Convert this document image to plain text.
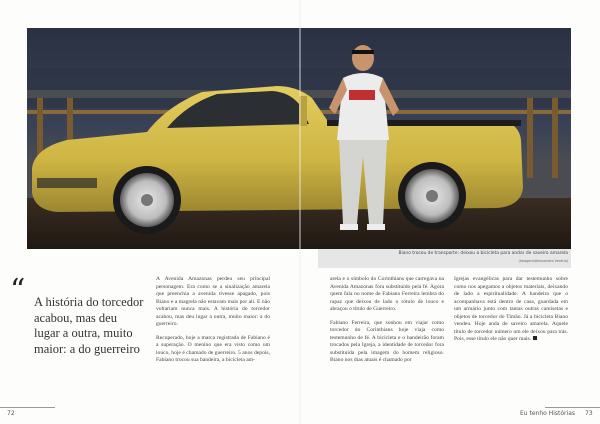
Biano trocou de transporte: deixou a bicicleta para andar de saveiro amarela
(Imagem/Alessandro Ventria)
“ A história do torcedor acabou, mas deu lugar a outra, muito maior: a do guerreiro

A Avenida Amazonas perdeu seu principal personagem. Era como se a sinalização amarela que preenchia a avenida tivesse apagado, pois Biano e a magrela não estavam mais por ali. E não voltariam nunca mais. A história do torcedor acabou, mas deu lugar a outra, muito maior: a do guerreiro.

Recuperado, hoje a marca registrada de Fabiano é a superação. O menino que era visto como um louco, hoje é chamado de guerreiro. 5 anos depois, Fabiano trocou sua bandeira, a bicicleta am-

arela e o símbolo do Corinthians que carregava na Avenida Amazonas fora substituído pela fé. Agora quem fala no nome de Fabiano Ferreira lembra do rapaz que deixou de lado o rótulo de louco e abraçou o título de Guerreiro.

Fabiano Ferreira, que sonhou em viajar como torcedor do Corinthians hoje viaja como testemunho de fé. A bicicleta e o bandeirão foram trocados pela Igreja, a identidade de torcedor fora substituída pela imagem do homem religioso. Biano nos dias atuais é chamado por

Igrejas evangélicas para dar testemunho sobre como nos apegamos a objetos materiais, deixando de lado a espiritualidade. A bandeira que o acompanhava está dentro de casa, guardada em um armário junto com tantas outras camisetas e objetos de torcedor do Timão. Já a bicicleta Biano vendeu. Hoje anda de saveiro amarela. Aquele título de torcedor número um ele deixou para trás. Pois, esse título ele não quer mais.

72	Eu tenho Histórias 73
